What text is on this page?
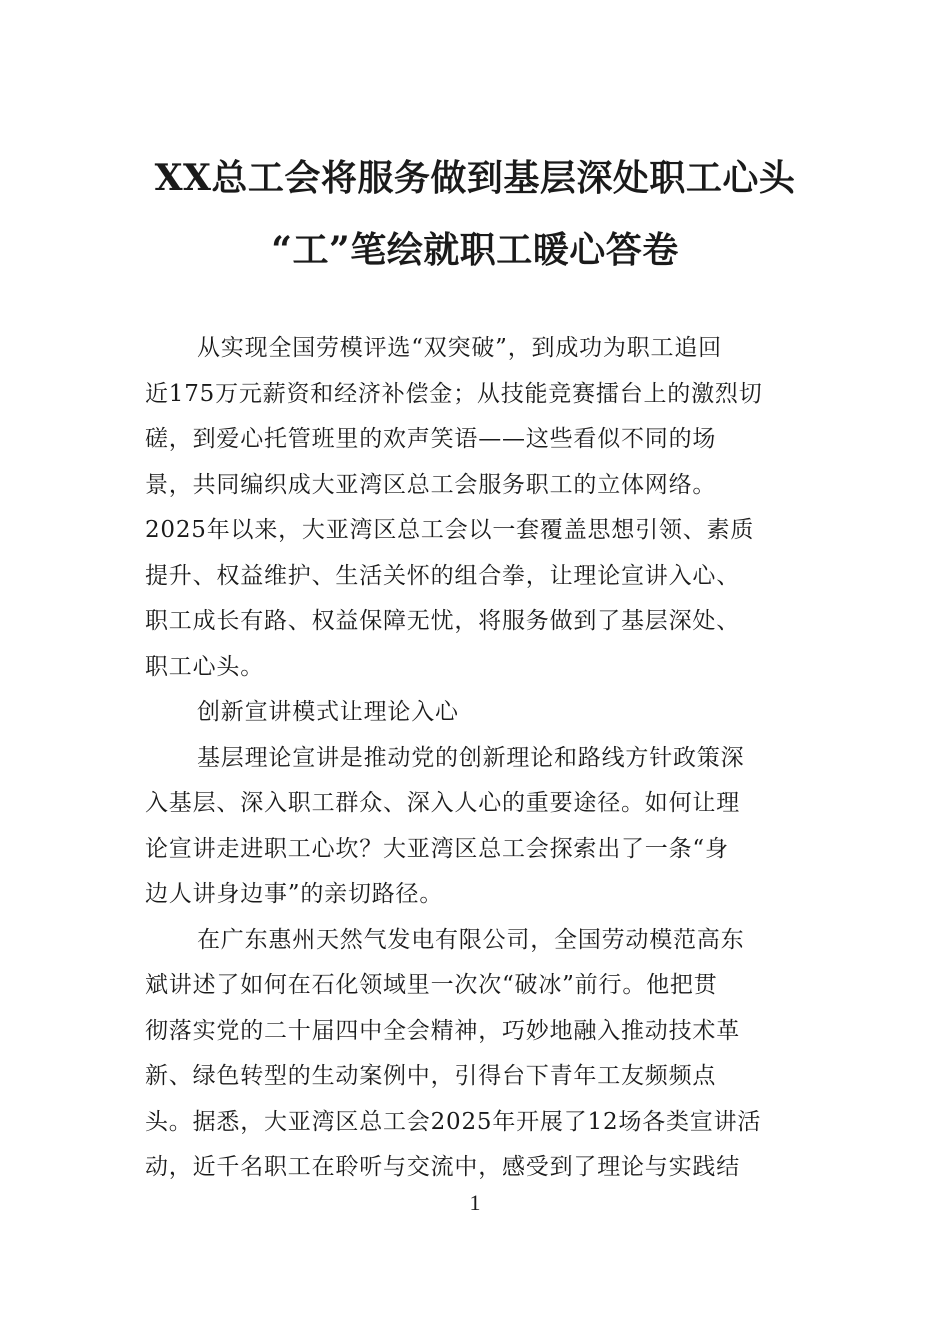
XX总工会将服务做到基层深处职工心头
“工”笔绘就职工暖心答卷
从实现全国劳模评选“双突破”，到成功为职工追回
近175万元薪资和经济补偿金；从技能竞赛擂台上的激烈切
磋，到爱心托管班里的欢声笑语——这些看似不同的场
景，共同编织成大亚湾区总工会服务职工的立体网络。
2025年以来，大亚湾区总工会以一套覆盖思想引领、素质
提升、权益维护、生活关怀的组合拳，让理论宣讲入心、
职工成长有路、权益保障无忧，将服务做到了基层深处、
职工心头。
创新宣讲模式让理论入心
基层理论宣讲是推动党的创新理论和路线方针政策深
入基层、深入职工群众、深入人心的重要途径。如何让理
论宣讲走进职工心坎？大亚湾区总工会探索出了一条“身
边人讲身边事”的亲切路径。
在广东惠州天然气发电有限公司，全国劳动模范高东
斌讲述了如何在石化领域里一次次“破冰”前行。他把贯
彻落实党的二十届四中全会精神，巧妙地融入推动技术革
新、绿色转型的生动案例中，引得台下青年工友频频点
头。据悉，大亚湾区总工会2025年开展了12场各类宣讲活
动，近千名职工在聆听与交流中，感受到了理论与实践结
1
